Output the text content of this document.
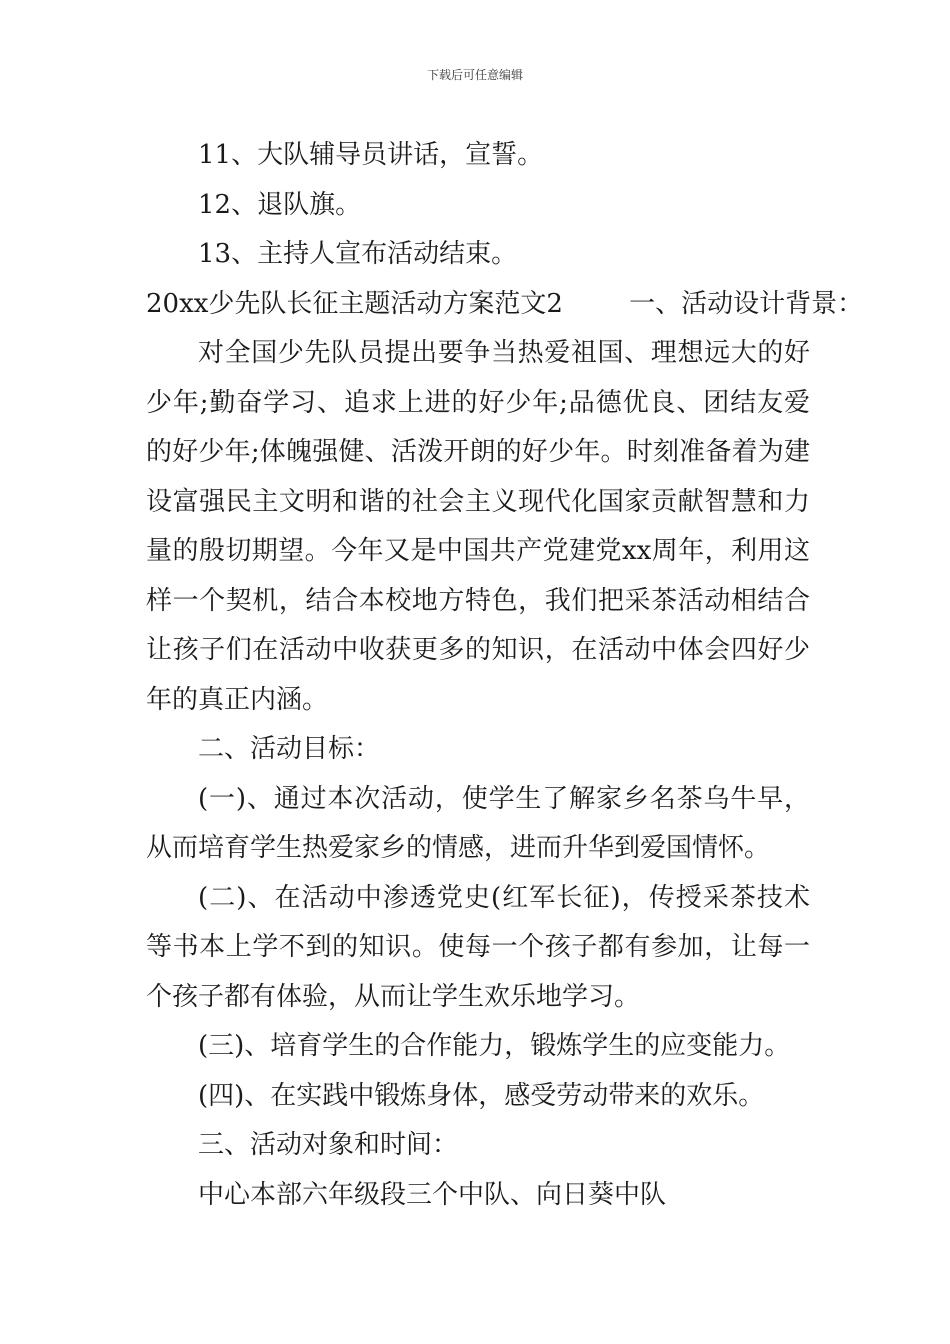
下载后可任意编辑

11、大队辅导员讲话，宣誓。

12、退队旗。

13、主持人宣布活动结束。

20xx少先队长征主题活动方案范文2        一、活动设计背景：

对全国少先队员提出要争当热爱祖国、理想远大的好少年;勤奋学习、追求上进的好少年;品德优良、团结友爱的好少年;体魄强健、活泼开朗的好少年。时刻准备着为建设富强民主文明和谐的社会主义现代化国家贡献智慧和力量的殷切期望。今年又是中国共产党建党xx周年，利用这样一个契机，结合本校地方特色，我们把采茶活动相结合让孩子们在活动中收获更多的知识，在活动中体会四好少年的真正内涵。

二、活动目标：

(一)、通过本次活动，使学生了解家乡名茶乌牛早，从而培育学生热爱家乡的情感，进而升华到爱国情怀。

(二)、在活动中渗透党史(红军长征)，传授采茶技术等书本上学不到的知识。使每一个孩子都有参加，让每一个孩子都有体验，从而让学生欢乐地学习。

(三)、培育学生的合作能力，锻炼学生的应变能力。

(四)、在实践中锻炼身体，感受劳动带来的欢乐。

三、活动对象和时间：

中心本部六年级段三个中队、向日葵中队
